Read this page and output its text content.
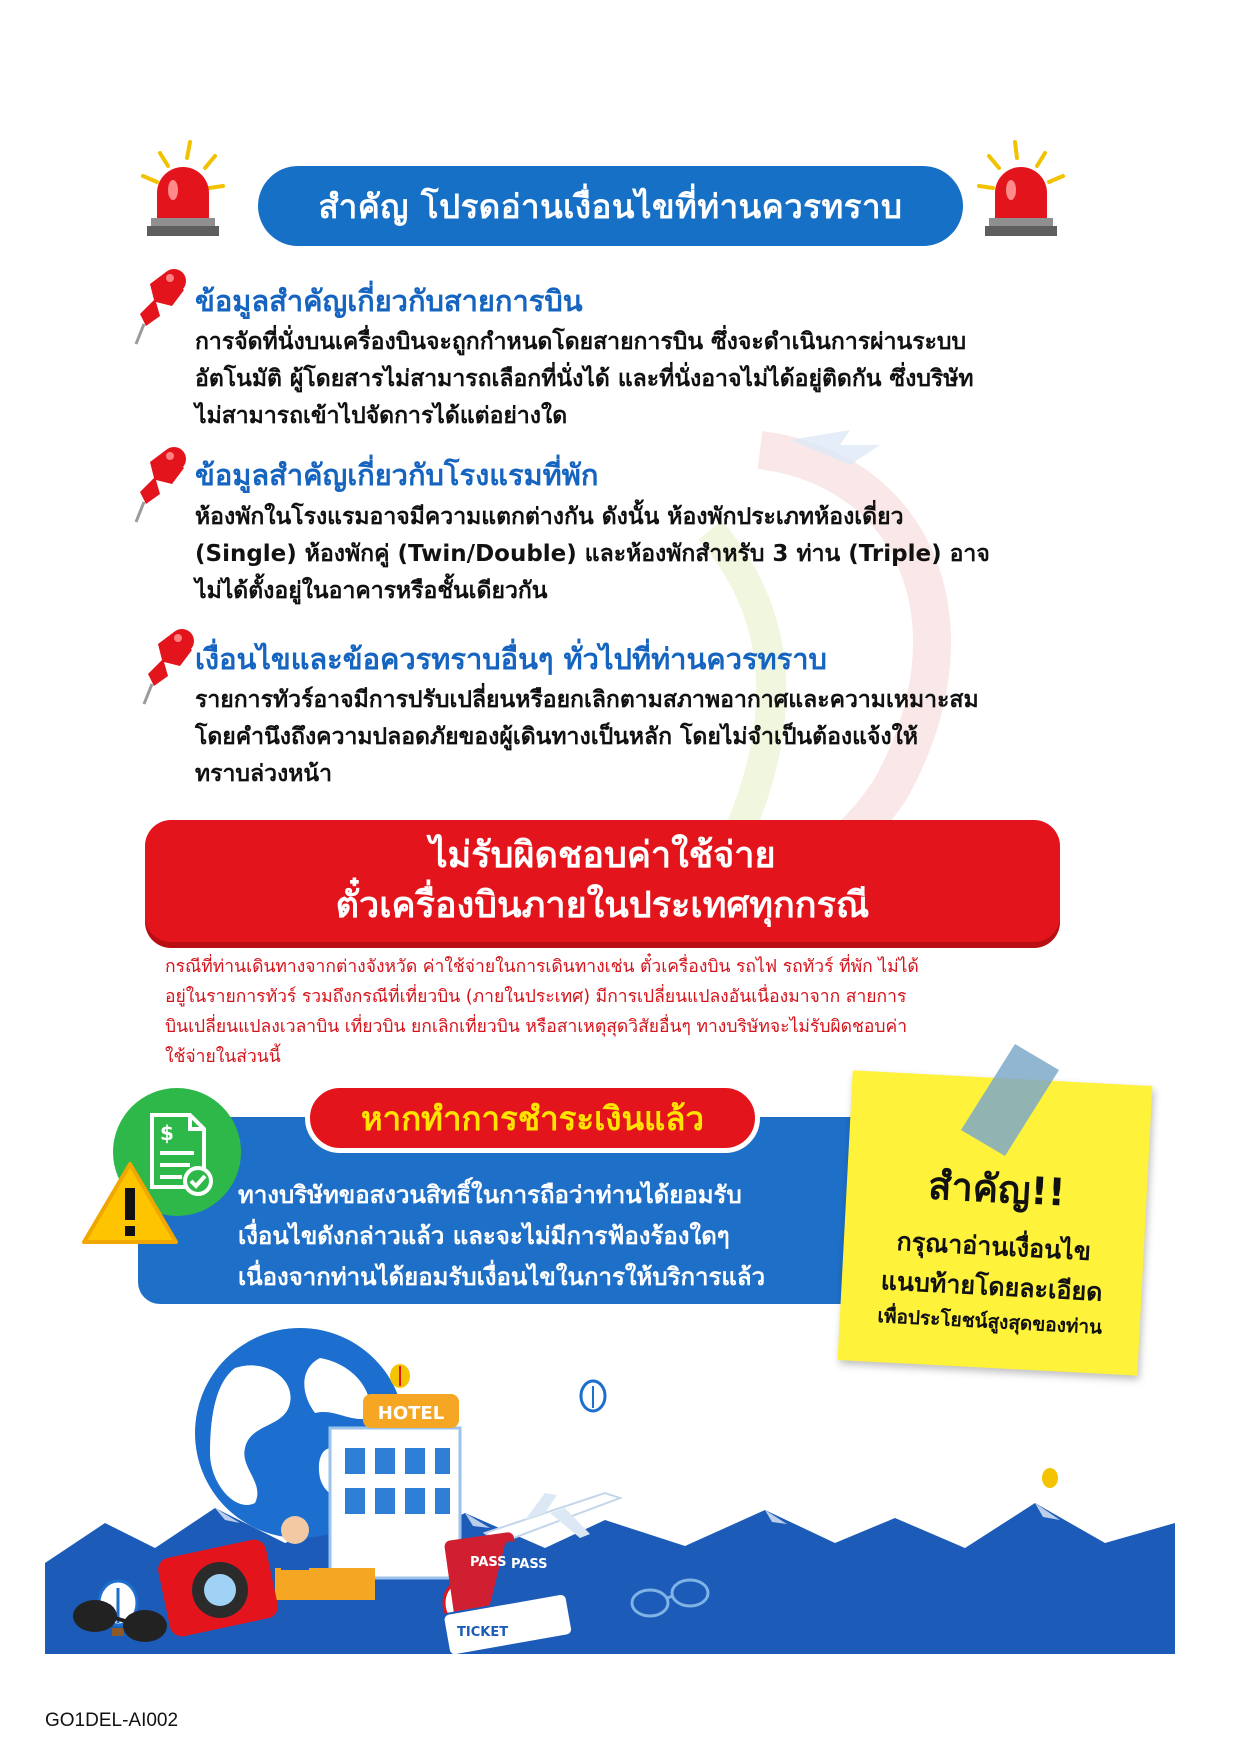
สำคัญ โปรดอ่านเงื่อนไขที่ท่านควรทราบ
ข้อมูลสำคัญเกี่ยวกับสายการบิน
การจัดที่นั่งบนเครื่องบินจะถูกกำหนดโดยสายการบิน ซึ่งจะดำเนินการผ่านระบบ
อัตโนมัติ ผู้โดยสารไม่สามารถเลือกที่นั่งได้ และที่นั่งอาจไม่ได้อยู่ติดกัน ซึ่งบริษัท
ไม่สามารถเข้าไปจัดการได้แต่อย่างใด
ข้อมูลสำคัญเกี่ยวกับโรงแรมที่พัก
ห้องพักในโรงแรมอาจมีความแตกต่างกัน ดังนั้น ห้องพักประเภทห้องเดี่ยว
(Single) ห้องพักคู่ (Twin/Double) และห้องพักสำหรับ 3 ท่าน (Triple) อาจ
ไม่ได้ตั้งอยู่ในอาคารหรือชั้นเดียวกัน
เงื่อนไขและข้อควรทราบอื่นๆ ทั่วไปที่ท่านควรทราบ
รายการทัวร์อาจมีการปรับเปลี่ยนหรือยกเลิกตามสภาพอากาศและความเหมาะสม
โดยคำนึงถึงความปลอดภัยของผู้เดินทางเป็นหลัก โดยไม่จำเป็นต้องแจ้งให้
ทราบล่วงหน้า
ไม่รับผิดชอบค่าใช้จ่าย
ตั๋วเครื่องบินภายในประเทศทุกกรณี
กรณีที่ท่านเดินทางจากต่างจังหวัด ค่าใช้จ่ายในการเดินทางเช่น ตั๋วเครื่องบิน รถไฟ รถทัวร์ ที่พัก ไม่ได้
อยู่ในรายการทัวร์ รวมถึงกรณีที่เที่ยวบิน (ภายในประเทศ) มีการเปลี่ยนแปลงอันเนื่องมาจาก สายการ
บินเปลี่ยนแปลงเวลาบิน เที่ยวบิน ยกเลิกเที่ยวบิน หรือสาเหตุสุดวิสัยอื่นๆ ทางบริษัทจะไม่รับผิดชอบค่า
ใช้จ่ายในส่วนนี้
$	หากทำการชำระเงินแล้ว
ทางบริษัทขอสงวนสิทธิ์ในการถือว่าท่านได้ยอมรับ
เงื่อนไขดังกล่าวแล้ว และจะไม่มีการฟ้องร้องใดๆ
เนื่องจากท่านได้ยอมรับเงื่อนไขในการให้บริการแล้ว
สำคัญ!!
กรุณาอ่านเงื่อนไข
แนบท้ายโดยละเอียด
เพื่อประโยชน์สูงสุดของท่าน
HOTEL
PASS PASS
TICKET
GO1DEL-AI002
